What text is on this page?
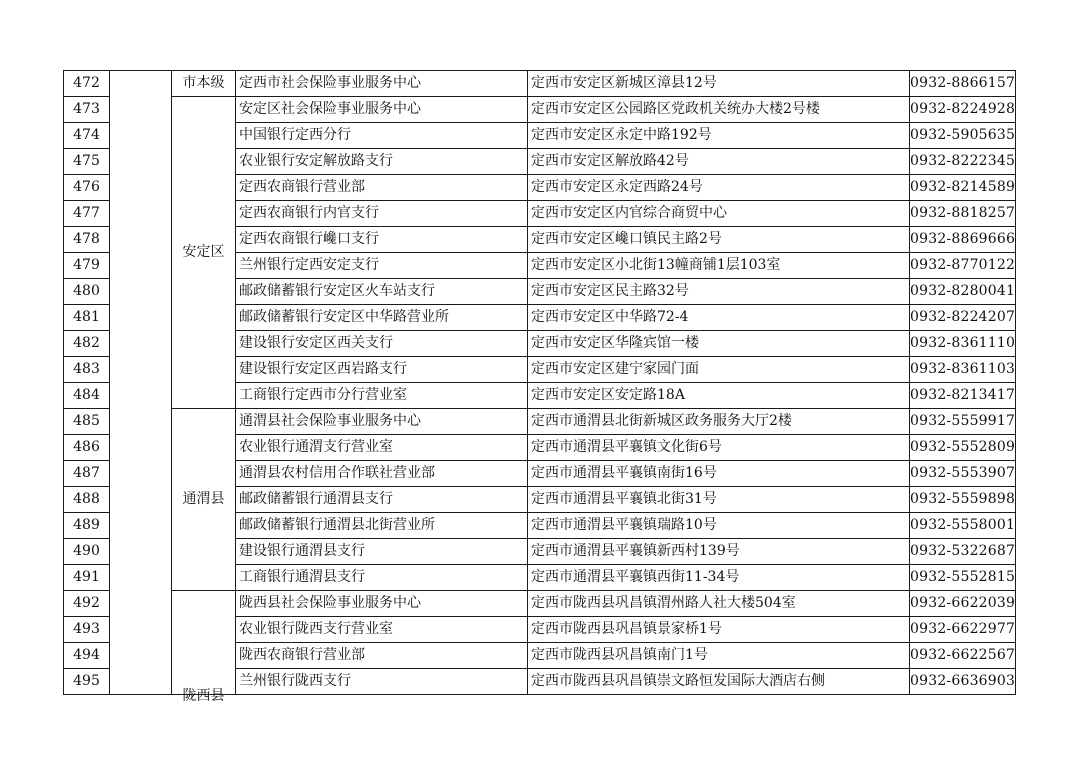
472		市本级	定西市社会保险事业服务中心	定西市安定区新城区漳县12号	0932-8866157
473		安定区	安定区社会保险事业服务中心	定西市安定区公园路区党政机关统办大楼2号楼	0932-8224928
474			中国银行定西分行	定西市安定区永定中路192号	0932-5905635
475			农业银行安定解放路支行	定西市安定区解放路42号	0932-8222345
476			定西农商银行营业部	定西市安定区永定西路24号	0932-8214589
477			定西农商银行内官支行	定西市安定区内官综合商贸中心	0932-8818257
478			定西农商银行巉口支行	定西市安定区巉口镇民主路2号	0932-8869666
479			兰州银行定西安定支行	定西市安定区小北街13幢商铺1层103室	0932-8770122
480			邮政储蓄银行安定区火车站支行	定西市安定区民主路32号	0932-8280041
481			邮政储蓄银行安定区中华路营业所	定西市安定区中华路72-4	0932-8224207
482			建设银行安定区西关支行	定西市安定区华隆宾馆一楼	0932-8361110
483			建设银行安定区西岩路支行	定西市安定区建宁家园门面	0932-8361103
484			工商银行定西市分行营业室	定西市安定区安定路18A	0932-8213417
485		通渭县	通渭县社会保险事业服务中心	定西市通渭县北街新城区政务服务大厅2楼	0932-5559917
486			农业银行通渭支行营业室	定西市通渭县平襄镇文化街6号	0932-5552809
487			通渭县农村信用合作联社营业部	定西市通渭县平襄镇南街16号	0932-5553907
488			邮政储蓄银行通渭县支行	定西市通渭县平襄镇北街31号	0932-5559898
489			邮政储蓄银行通渭县北街营业所	定西市通渭县平襄镇瑞路10号	0932-5558001
490			建设银行通渭县支行	定西市通渭县平襄镇新西村139号	0932-5322687
491			工商银行通渭县支行	定西市通渭县平襄镇西街11-34号	0932-5552815
492		陇西县	陇西县社会保险事业服务中心	定西市陇西县巩昌镇渭州路人社大楼504室	0932-6622039
493			农业银行陇西支行营业室	定西市陇西县巩昌镇景家桥1号	0932-6622977
494			陇西农商银行营业部	定西市陇西县巩昌镇南门1号	0932-6622567
495			兰州银行陇西支行	定西市陇西县巩昌镇崇文路恒发国际大酒店右侧	0932-6636903
